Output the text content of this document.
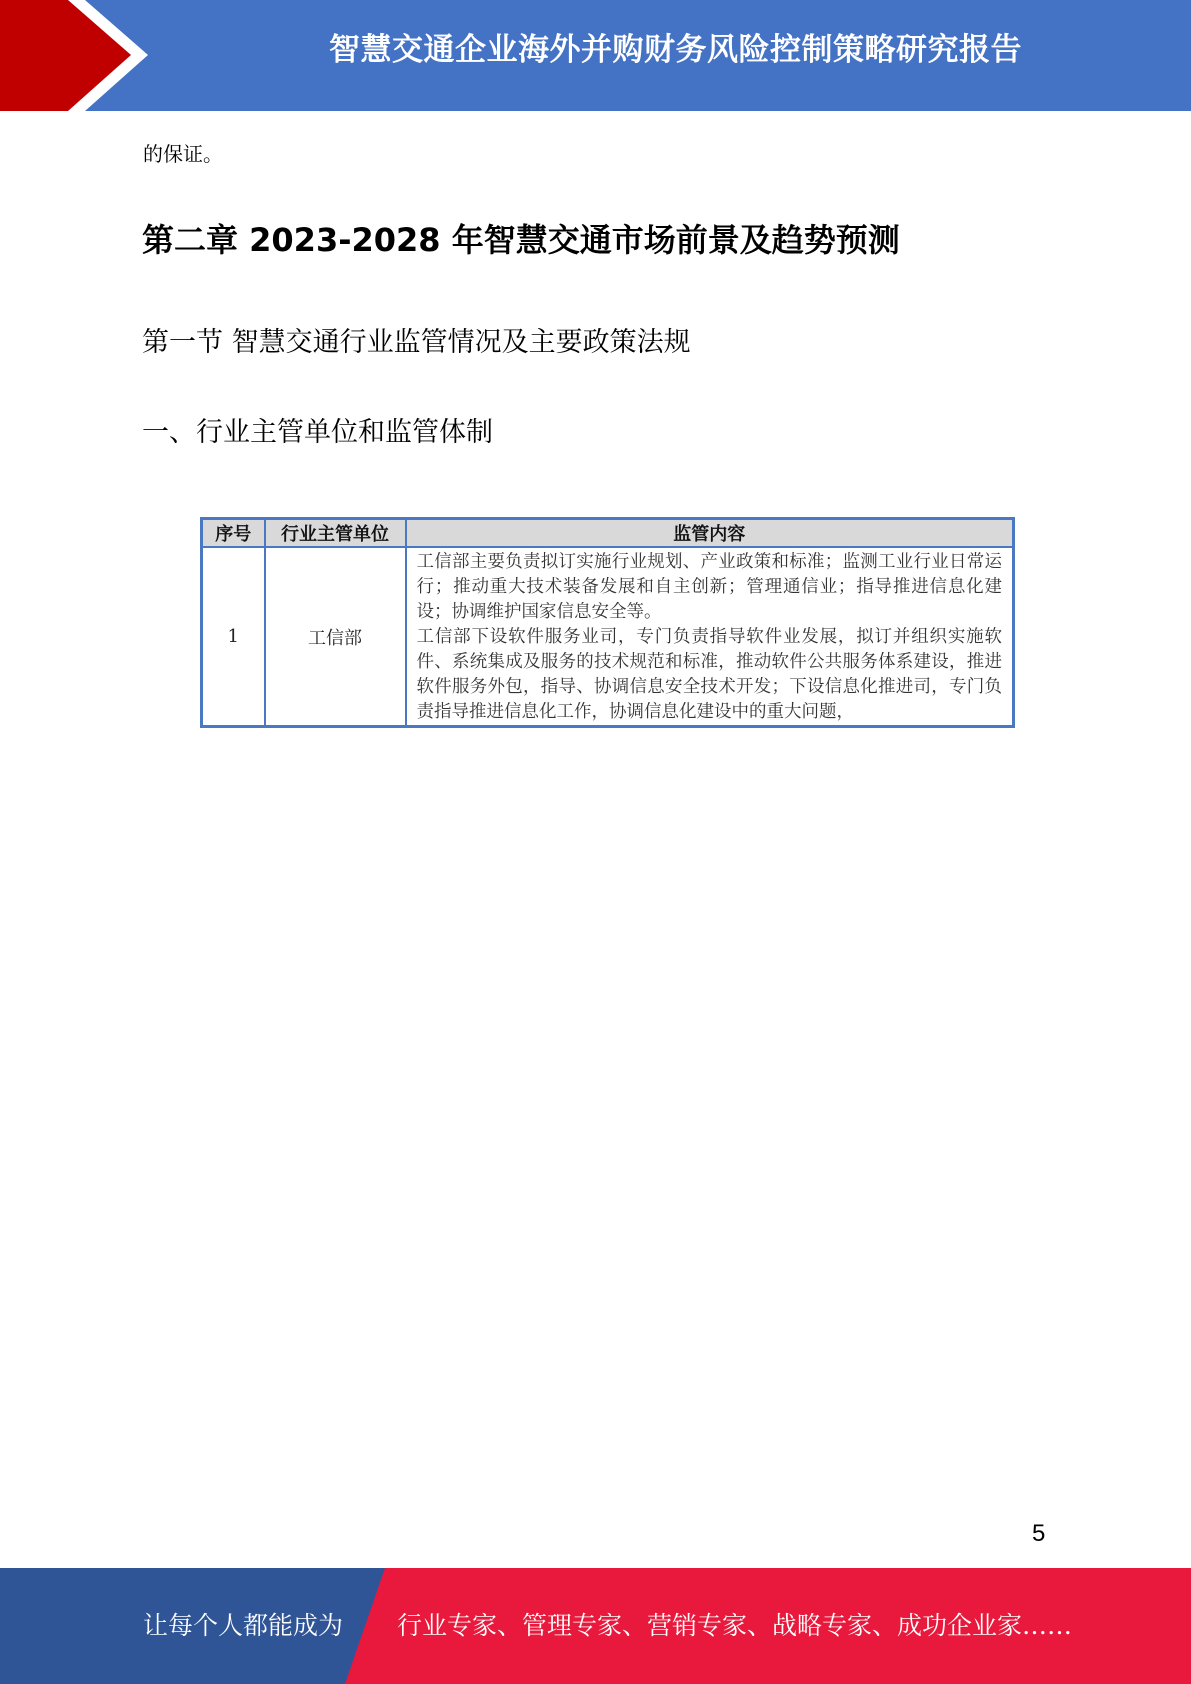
智慧交通企业海外并购财务风险控制策略研究报告
的保证。
第二章 2023-2028 年智慧交通市场前景及趋势预测
第一节 智慧交通行业监管情况及主要政策法规
一、行业主管单位和监管体制
序号	行业主管单位	监管内容
1	工信部	工信部主要负责拟订实施行业规划、产业政策和标准；监测工业行业日常运行；推动重大技术装备发展和自主创新；管理通信业；指导推进信息化建设；协调维护国家信息安全等。

工信部下设软件服务业司，专门负责指导软件业发展，拟订并组织实施软件、系统集成及服务的技术规范和标准，推动软件公共服务体系建设，推进软件服务外包，指导、协调信息安全技术开发；下设信息化推进司，专门负责指导推进信息化工作，协调信息化建设中的重大问题，

5
让每个人都能成为 行业专家、管理专家、营销专家、战略专家、成功企业家……
